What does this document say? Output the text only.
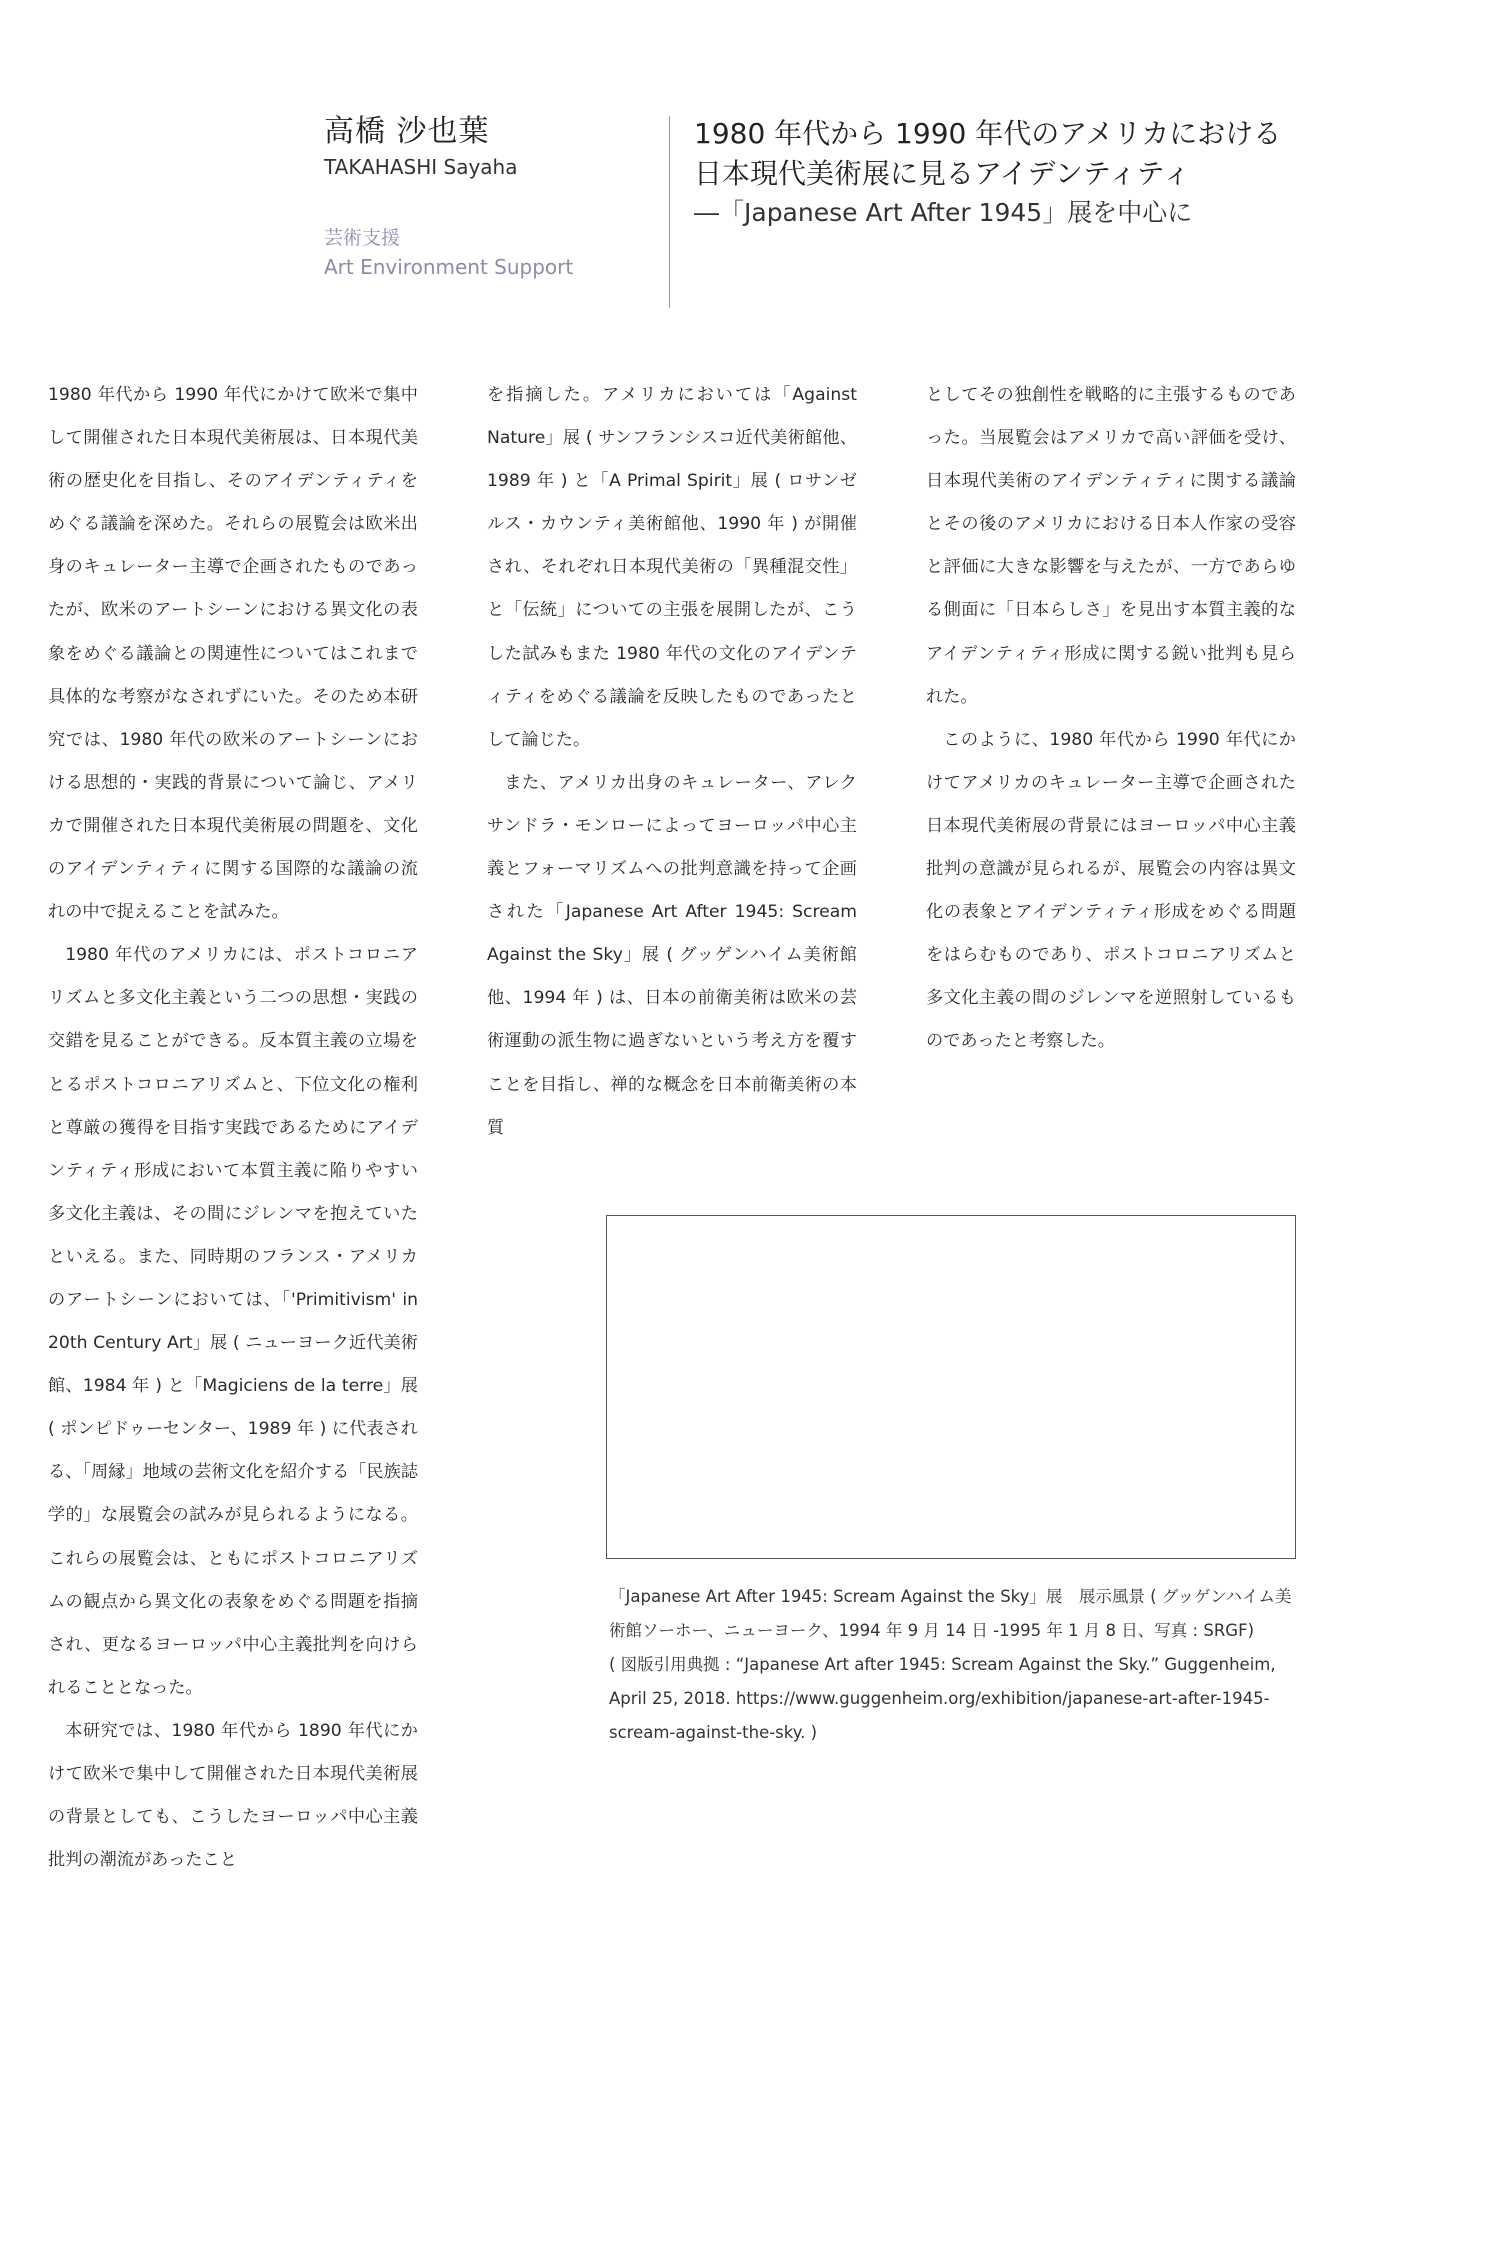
高橋 沙也葉
TAKAHASHI Sayaha
芸術支援
Art Environment Support
1980 年代から 1990 年代のアメリカにおける
日本現代美術展に見るアイデンティティ
―「Japanese Art After 1945」展を中心に

1980 年代から 1990 年代にかけて欧米で集中して開催された日本現代美術展は、日本現代美術の歴史化を目指し、そのアイデンティティをめぐる議論を深めた。それらの展覧会は欧米出身のキュレーター主導で企画されたものであったが、欧米のアートシーンにおける異文化の表象をめぐる議論との関連性についてはこれまで具体的な考察がなされずにいた。そのため本研究では、1980 年代の欧米のアートシーンにおける思想的・実践的背景について論じ、アメリカで開催された日本現代美術展の問題を、文化のアイデンティティに関する国際的な議論の流れの中で捉えることを試みた。

1980 年代のアメリカには、ポストコロニアリズムと多文化主義という二つの思想・実践の交錯を見ることができる。反本質主義の立場をとるポストコロニアリズムと、下位文化の権利と尊厳の獲得を目指す実践であるためにアイデンティティ形成において本質主義に陥りやすい多文化主義は、その間にジレンマを抱えていたといえる。また、同時期のフランス・アメリカのアートシーンにおいては、「'Primitivism' in 20th Century Art」展 ( ニューヨーク近代美術館、1984 年 ) と「Magiciens de la terre」展 ( ポンピドゥーセンター、1989 年 ) に代表される、「周縁」地域の芸術文化を紹介する「民族誌学的」な展覧会の試みが見られるようになる。これらの展覧会は、ともにポストコロニアリズムの観点から異文化の表象をめぐる問題を指摘され、更なるヨーロッパ中心主義批判を向けられることとなった。

本研究では、1980 年代から 1890 年代にかけて欧米で集中して開催された日本現代美術展の背景としても、こうしたヨーロッパ中心主義批判の潮流があったこと

を指摘した。アメリカにおいては「Against Nature」展 ( サンフランシスコ近代美術館他、1989 年 ) と「A Primal Spirit」展 ( ロサンゼルス・カウンティ美術館他、1990 年 ) が開催され、それぞれ日本現代美術の「異種混交性」と「伝統」についての主張を展開したが、こうした試みもまた 1980 年代の文化のアイデンティティをめぐる議論を反映したものであったとして論じた。

また、アメリカ出身のキュレーター、アレクサンドラ・モンローによってヨーロッパ中心主義とフォーマリズムへの批判意識を持って企画された「Japanese Art After 1945: Scream Against the Sky」展 ( グッゲンハイム美術館他、1994 年 ) は、日本の前衛美術は欧米の芸術運動の派生物に過ぎないという考え方を覆すことを目指し、禅的な概念を日本前衛美術の本質

としてその独創性を戦略的に主張するものであった。当展覧会はアメリカで高い評価を受け、日本現代美術のアイデンティティに関する議論とその後のアメリカにおける日本人作家の受容と評価に大きな影響を与えたが、一方であらゆる側面に「日本らしさ」を見出す本質主義的なアイデンティティ形成に関する鋭い批判も見られた。

このように、1980 年代から 1990 年代にかけてアメリカのキュレーター主導で企画された日本現代美術展の背景にはヨーロッパ中心主義批判の意識が見られるが、展覧会の内容は異文化の表象とアイデンティティ形成をめぐる問題をはらむものであり、ポストコロニアリズムと多文化主義の間のジレンマを逆照射しているものであったと考察した。

「Japanese Art After 1945: Scream Against the Sky」展　展示風景 ( グッゲンハイム美
術館ソーホー、ニューヨーク、1994 年 9 月 14 日 -1995 年 1 月 8 日、写真 : SRGF)
( 図版引用典拠 : “Japanese Art after 1945: Scream Against the Sky.” Guggenheim,
April 25, 2018. https://www.guggenheim.org/exhibition/japanese-art-after-1945-
scream-against-the-sky. )
